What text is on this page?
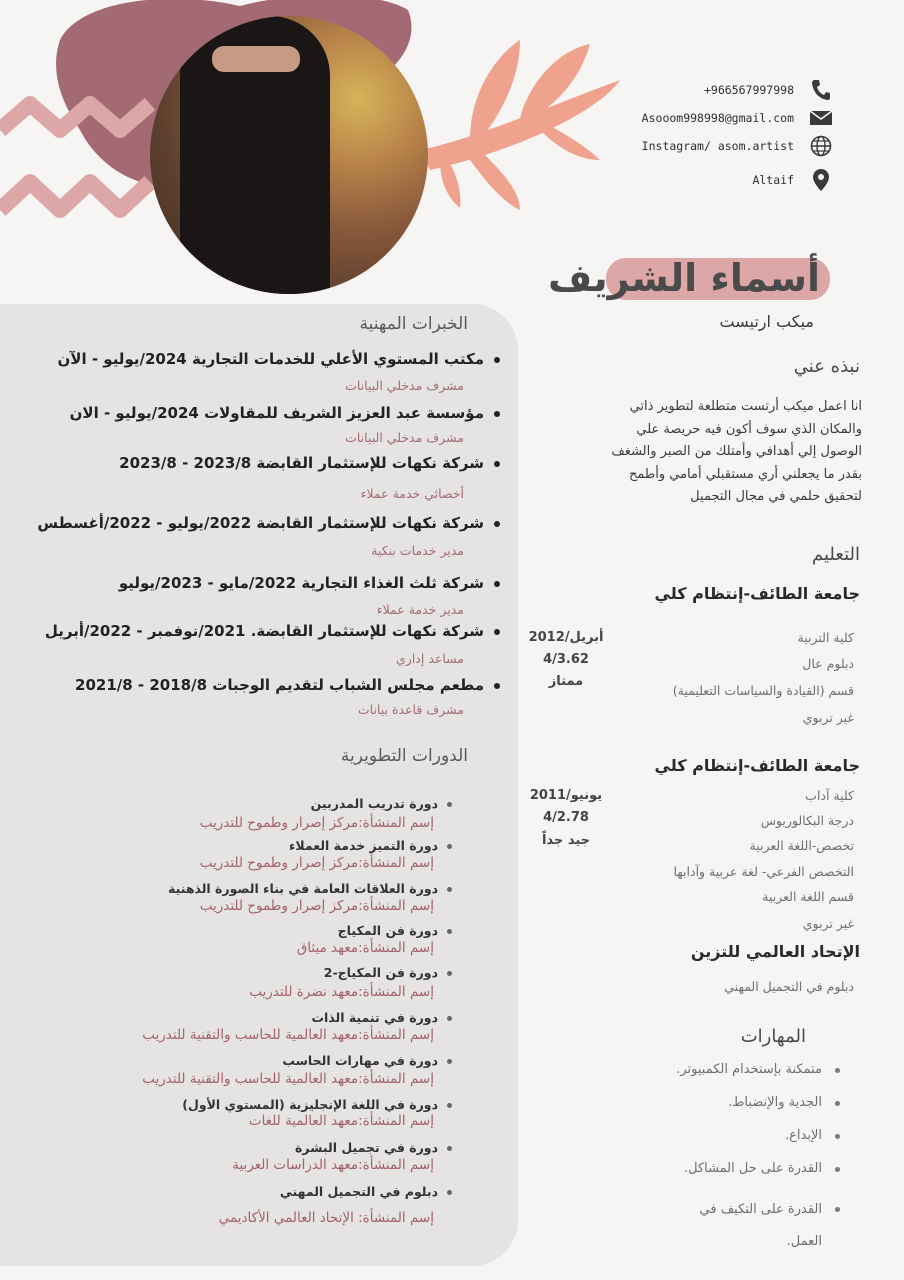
+966567997998
Asooom998998@gmail.com
Instagram/ asom.artist
Altaif
أسماء الشريف
ميكب ارتيست
نبذه عني
انا اعمل ميكب أرتست متطلعة لتطوير ذاتي والمكان الذي سوف أكون فيه حريصة علي الوصول إلي أهدافي وأمتلك من الصبر والشغف بقدر ما يجعلني أري مستقبلي أمامي وأطمح لتحقيق حلمي في مجال التجميل
التعليم
جامعة الطائف-إنتظام كلي
كلية التربية
دبلوم عال
قسم (القيادة والسياسات التعليمية)
غير تربوي
أبريل/2012
4/3.62
ممتاز
جامعة الطائف-إنتظام كلي
كلية آداب
درجة البكالوريوس
تخصص-اللغة العربية
التخصص الفرعي- لغة عربية وآدابها
قسم اللغة العربية
غير تربوي
يونيو/2011
4/2.78
جيد جداً
الإتحاد العالمي للتزين
دبلوم في التجميل المهني
المهارات
متمكنة بإستخدام الكمبيوتر.
الجدية والإنضباط.
الإبداع.
القدرة على حل المشاكل.
القدرة على التكيف في العمل.
الخبرات المهنية
مكتب المستوي الأعلي للخدمات التجارية 2024/يوليو - الآن
مشرف مدخلي البيانات
مؤسسة عبد العزيز الشريف للمقاولات 2024/يوليو - الان
مشرف مدخلي البيانات
شركة نكهات للإستثمار القابضة 2023/8 - 2023/8
أخصائي خدمة عملاء
شركة نكهات للإستثمار القابضة 2022/يوليو - 2022/أغسطس
مدير خدمات بنكية
شركة ثلث الغذاء التجارية 2022/مايو - 2023/يوليو
مدير خدمة عملاء
شركة نكهات للإستثمار القابضة. 2021/نوفمبر - 2022/أبريل
مساعد إداري
مطعم مجلس الشباب لتقديم الوجبات 2018/8 - 2021/8
مشرف قاعدة بيانات
الدورات التطويرية
دورة تدريب المدربين
إسم المنشأة:مركز إصرار وطموح للتدريب
دورة التميز خدمة العملاء
إسم المنشأة:مركز إصرار وطموح للتدريب
دورة العلاقات العامة في بناء الصورة الذهنية
إسم المنشأة:مركز إصرار وطموح للتدريب
دورة فن المكياج
إسم المنشأة:معهد ميثاق
دورة فن المكياج-2
إسم المنشأة:معهد نضرة للتدريب
دورة في تنمية الذات
إسم المنشأة:معهد العالمية للحاسب والتقنية للتدريب
دورة في مهارات الحاسب
إسم المنشأة:معهد العالمية للحاسب والتقنية للتدريب
دورة في اللغة الإنجليزية (المستوي الأول)
إسم المنشأة:معهد العالمية للغات
دورة في تجميل البشرة
إسم المنشأة:معهد الدراسات العربية
دبلوم في التجميل المهني
إسم المنشأة: الإتحاد العالمي الأكاديمي
